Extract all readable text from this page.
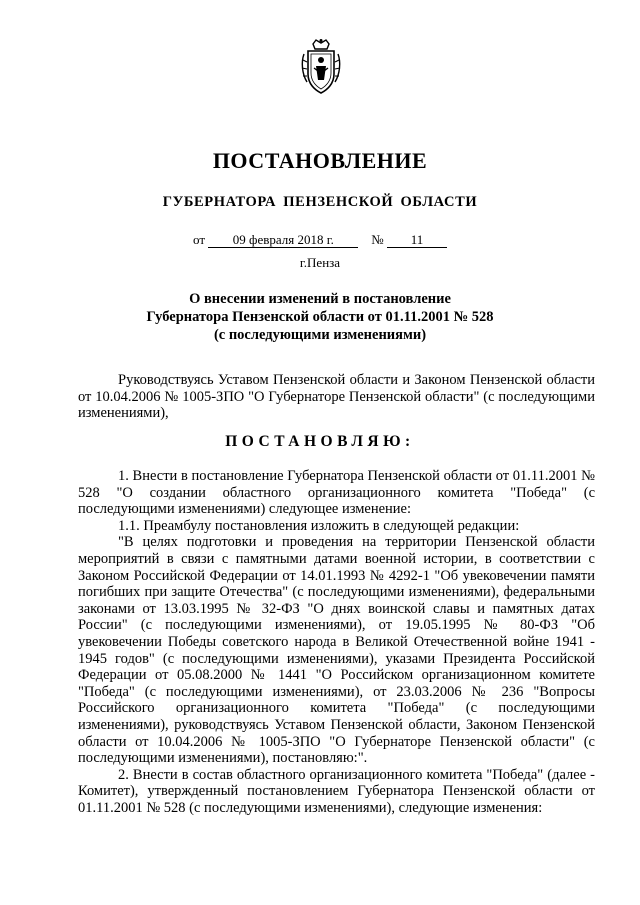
ПОСТАНОВЛЕНИЕ
ГУБЕРНАТОРА ПЕНЗЕНСКОЙ ОБЛАСТИ
от 09 февраля 2018 г.	№ 11
г.Пенза
О внесении изменений в постановление
Губернатора Пензенской области от 01.11.2001 № 528
(с последующими изменениями)

Руководствуясь Уставом Пензенской области и Законом Пензенской области от 10.04.2006 № 1005-ЗПО "О Губернаторе Пензенской области" (с последующими изменениями),

ПОСТАНОВЛЯЮ:

1. Внести в постановление Губернатора Пензенской области от 01.11.2001 № 528 "О создании областного организационного комитета "Победа" (с последующими изменениями) следующее изменение:

1.1. Преамбулу постановления изложить в следующей редакции:

"В целях подготовки и проведения на территории Пензенской области мероприятий в связи с памятными датами военной истории, в соответствии с Законом Российской Федерации от 14.01.1993 № 4292-1 "Об увековечении памяти погибших при защите Отечества" (с последующими изменениями), федеральными законами от 13.03.1995 № 32-ФЗ "О днях воинской славы и памятных датах России" (с последующими изменениями), от 19.05.1995 № 80-ФЗ "Об увековечении Победы советского народа в Великой Отечественной войне 1941 - 1945 годов" (с последующими изменениями), указами Президента Российской Федерации от 05.08.2000 № 1441 "О Российском организационном комитете "Победа" (с последующими изменениями), от 23.03.2006 № 236 "Вопросы Российского организационного комитета "Победа" (с последующими изменениями), руководствуясь Уставом Пензенской области, Законом Пензенской области от 10.04.2006 № 1005-ЗПО "О Губернаторе Пензенской области" (с последующими изменениями), постановляю:".

2. Внести в состав областного организационного комитета "Победа" (далее - Комитет), утвержденный постановлением Губернатора Пензенской области от 01.11.2001 № 528 (с последующими изменениями), следующие изменения:
